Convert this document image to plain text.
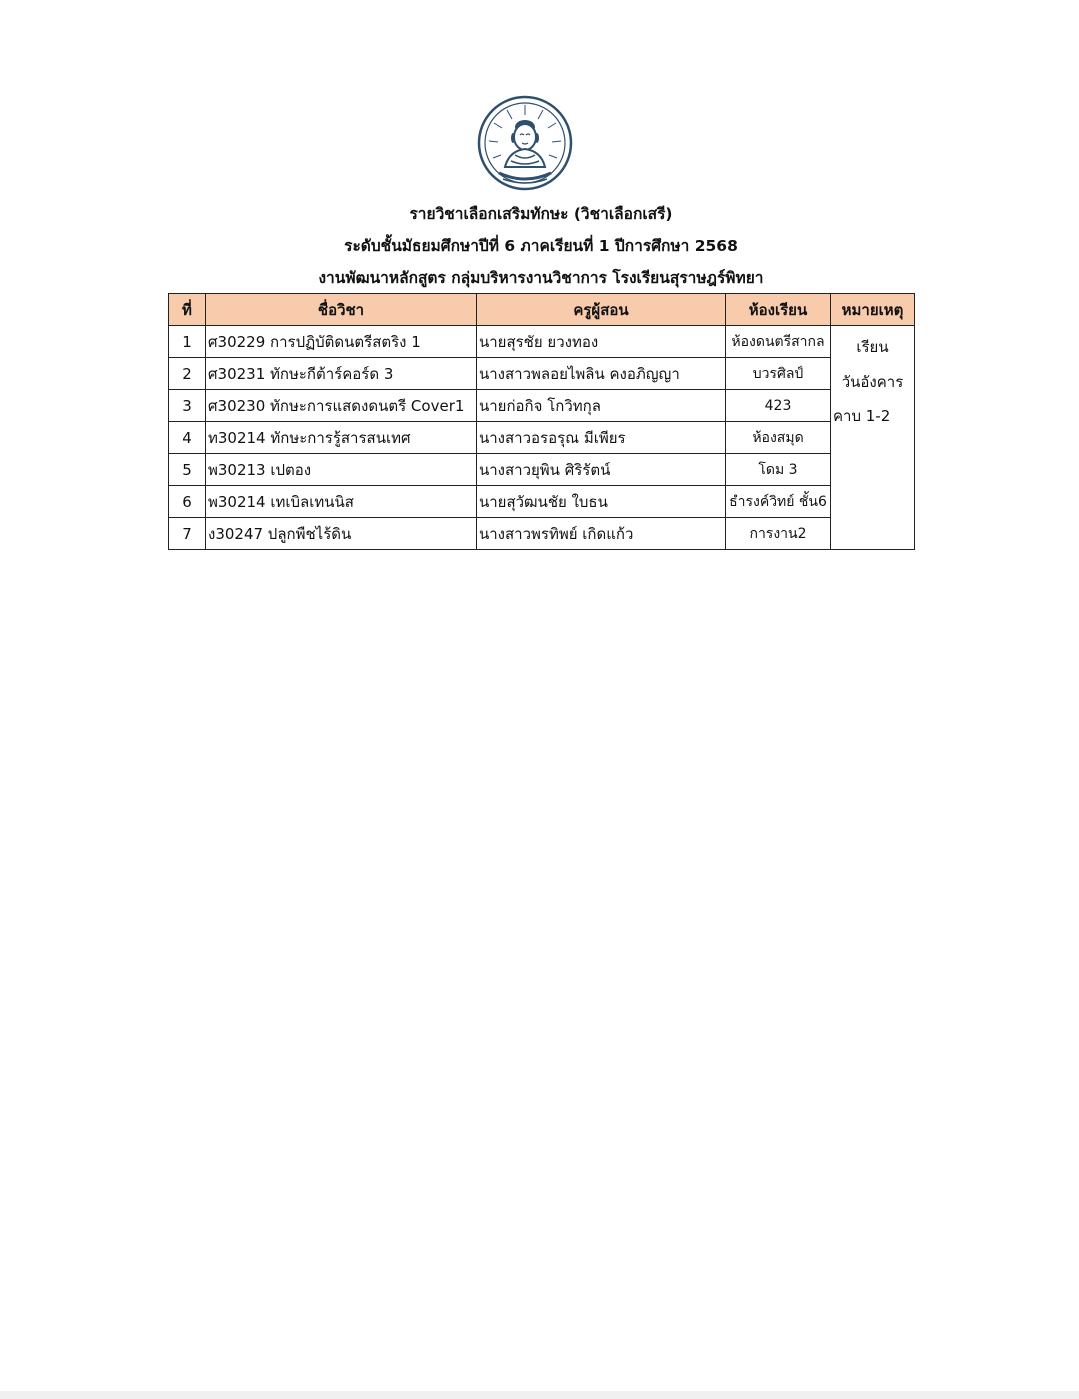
รายวิชาเลือกเสริมทักษะ (วิชาเลือกเสรี)
ระดับชั้นมัธยมศึกษาปีที่ 6 ภาคเรียนที่ 1 ปีการศึกษา 2568
งานพัฒนาหลักสูตร กลุ่มบริหารงานวิชาการ โรงเรียนสุราษฎร์พิทยา
ที่	ชื่อวิชา	ครูผู้สอน	ห้องเรียน	หมายเหตุ
1	ศ30229 การปฏิบัติดนตรีสตริง 1	นายสุรชัย ยวงทอง	ห้องดนตรีสากล	เรียน
วันอังคาร
คาบ 1-2

2	ศ30231 ทักษะกีต้าร์คอร์ด 3	นางสาวพลอยไพลิน คงอภิญญา	บวรศิลป์	
3	ศ30230 ทักษะการแสดงดนตรี Cover1	นายก่อกิจ โกวิทกุล	423	
4	ท30214 ทักษะการรู้สารสนเทศ	นางสาวอรอรุณ มีเพียร	ห้องสมุด	
5	พ30213 เปตอง	นางสาวยุพิน ศิริรัตน์	โดม 3	
6	พ30214 เทเบิลเทนนิส	นายสุวัฒนชัย ใบธน	ธำรงค์วิทย์ ชั้น6	
7	ง30247 ปลูกพืชไร้ดิน	นางสาวพรทิพย์ เกิดแก้ว	การงาน2	
